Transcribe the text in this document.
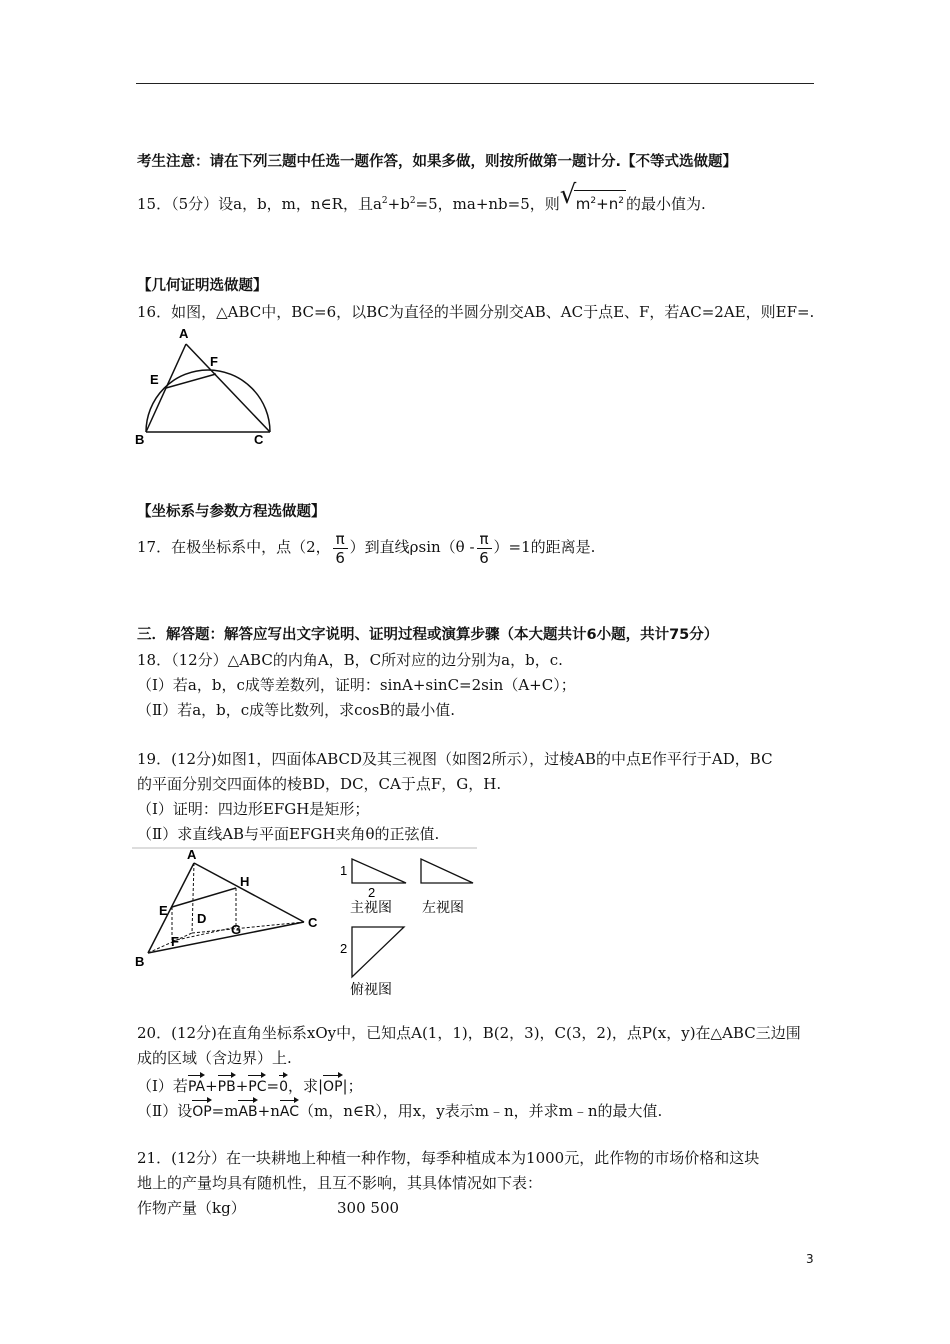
考生注意：请在下列三题中任选一题作答，如果多做，则按所做第一题计分.【不等式选做题】
15．（5分）设a，b，m，n∈R，且$a^2+b^2=5$，ma+nb=5，则 √ $m^2+n^2$ 的最小值为.
【几何证明选做题】
16．如图，△ABC中，BC=6，以BC为直径的半圆分别交AB、AC于点E、F，若AC=2AE，则EF=.
A
F
E
B	C
【坐标系与参数方程选做题】
17．在极坐标系中，点（2， $\frac{\pi}{6}$ ）到直线$\rho\sin(\theta - \frac{\pi}{6} )=1$的距离是.
三．解答题：解答应写出文字说明、证明过程或演算步骤（本大题共计6小题，共计75分）
18．（12分）△ABC的内角A，B，C所对应的边分别为a，b，c.
（Ⅰ）若a，b，c成等差数列，证明：sinA+sinC=2sin（A+C）；
（Ⅱ）若a，b，c成等比数列，求cosB的最小值.
19．(12分)如图1，四面体ABCD及其三视图（如图2所示），过棱AB的中点E作平行于AD，BC
的平面分别交四面体的棱BD，DC，CA于点F，G，H.
（Ⅰ）证明：四边形EFGH是矩形；
（Ⅱ）求直线AB与平面EFGH夹角θ的正弦值.
A
B
C
D
E
F
G
H
1
2
主视图 左视图
2
俯视图
20．(12分)在直角坐标系xOy中，已知点A(1，1)，B(2，3)，C(3，2)，点P(x，y)在△ABC三边围
成的区域（含边界）上.
（Ⅰ）若PA+PB+PC=0，求|OP|；
（Ⅱ）设OP=mAB+nAC（m，n∈R），用x，y表示m﹣n，并求m﹣n的最大值.
21．(12分）在一块耕地上种植一种作物，每季种植成本为1000元，此作物的市场价格和这块
地上的产量均具有随机性，且互不影响，其具体情况如下表：
作物产量（kg）	300 500
3
